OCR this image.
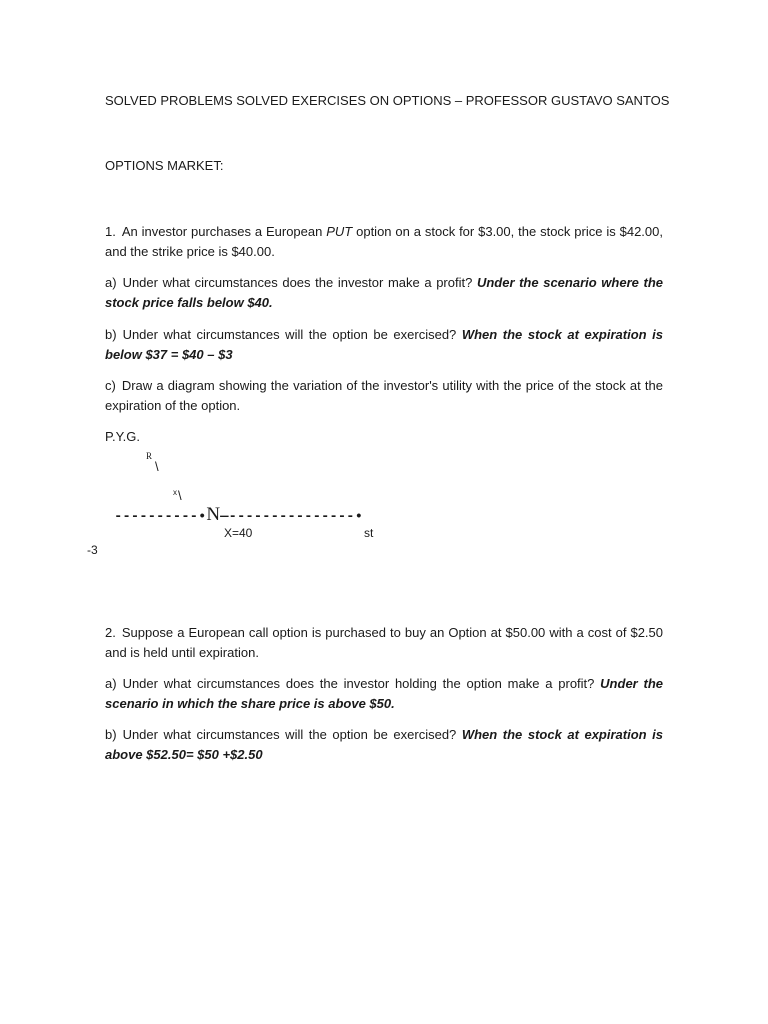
SOLVED PROBLEMS SOLVED EXERCISES ON OPTIONS – PROFESSOR GUSTAVO SANTOS
OPTIONS MARKET:
1. An investor purchases a European PUT option on a stock for $3.00, the stock price is $42.00, and the strike price is $40.00.
a) Under what circumstances does the investor make a profit? Under the scenario where the stock price falls below $40.
b) Under what circumstances will the option be exercised? When the stock at expiration is below $37 = $40 – $3
c) Draw a diagram showing the variation of the investor's utility with the price of the stock at the expiration of the option.
P.Y.G.
R
\
x \
----------•N—---------------•
X=40	st
-3
2. Suppose a European call option is purchased to buy an Option at $50.00 with a cost of $2.50 and is held until expiration.
a) Under what circumstances does the investor holding the option make a profit? Under the scenario in which the share price is above $50.
b) Under what circumstances will the option be exercised? When the stock at expiration is above $52.50= $50 +$2.50
